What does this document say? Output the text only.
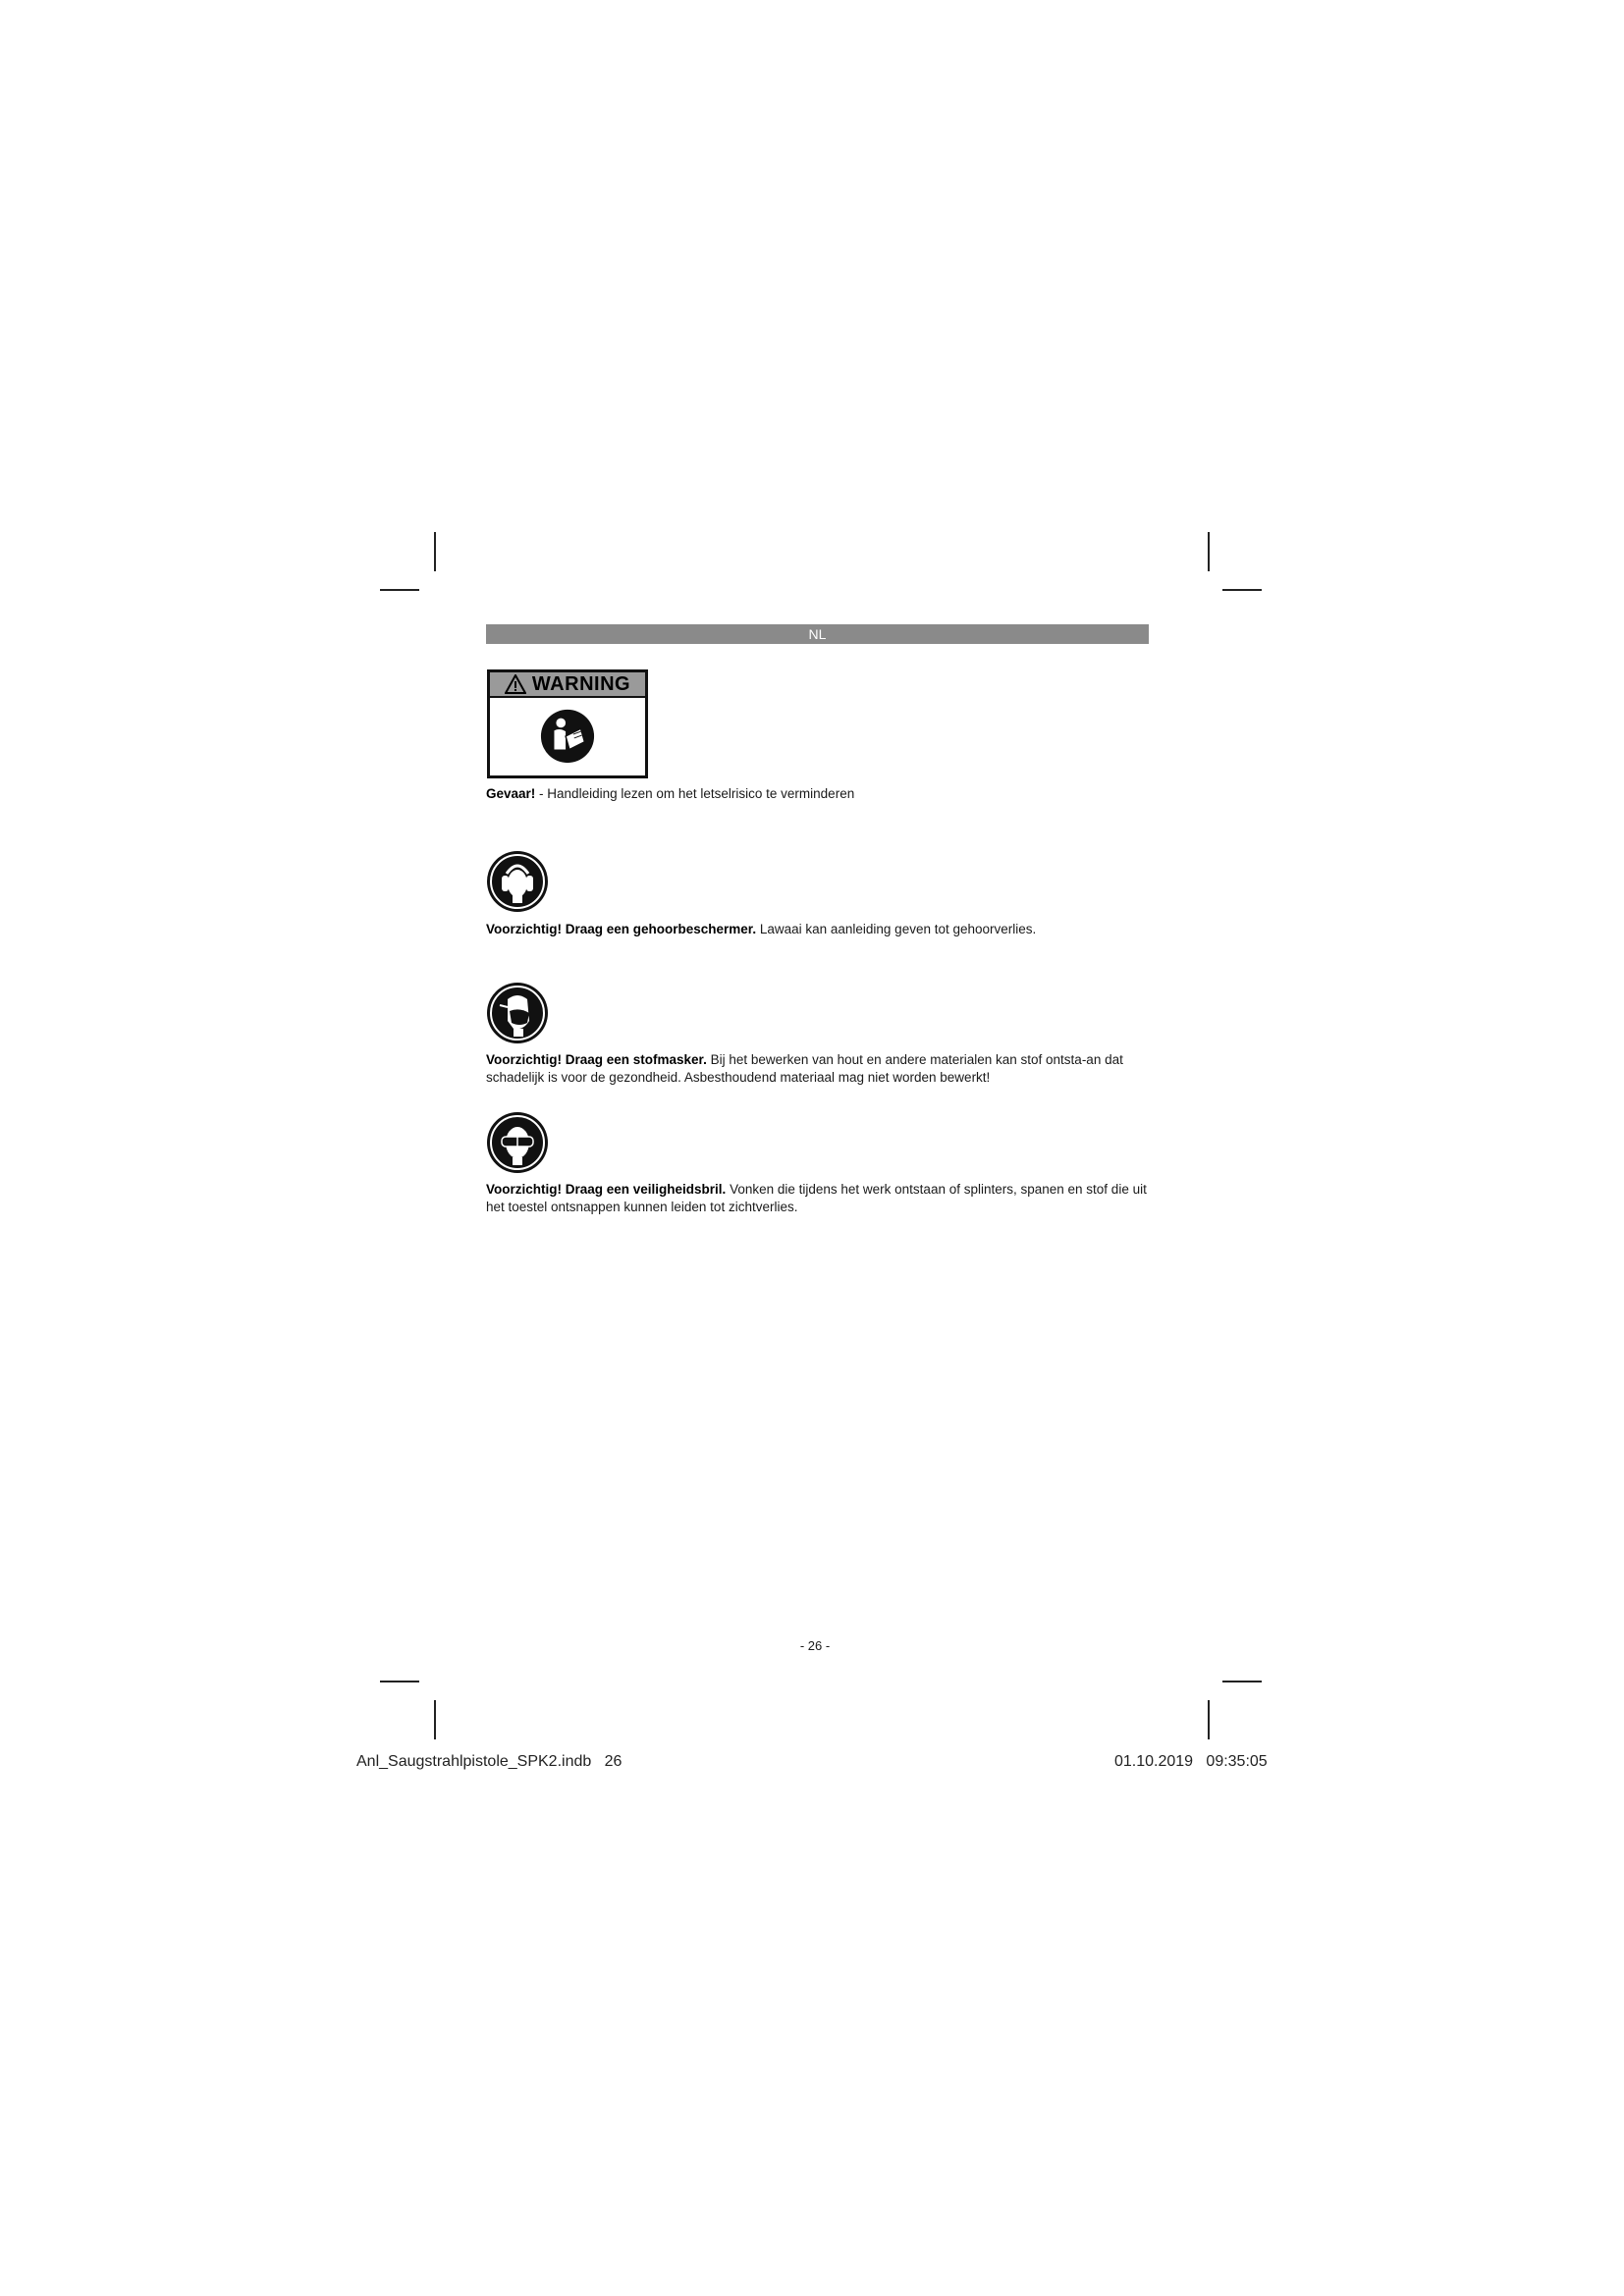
NL
WARNING
Gevaar! - Handleiding lezen om het letselrisico te verminderen
Voorzichtig! Draag een gehoorbeschermer. Lawaai kan aanleiding geven tot gehoorverlies.
Voorzichtig! Draag een stofmasker. Bij het bewerken van hout en andere materialen kan stof ontsta-an dat schadelijk is voor de gezondheid. Asbesthoudend materiaal mag niet worden bewerkt!
Voorzichtig! Draag een veiligheidsbril. Vonken die tijdens het werk ontstaan of splinters, spanen en stof die uit het toestel ontsnappen kunnen leiden tot zichtverlies.
- 26 -
Anl_Saugstrahlpistole_SPK2.indb   26	01.10.2019   09:35:05
